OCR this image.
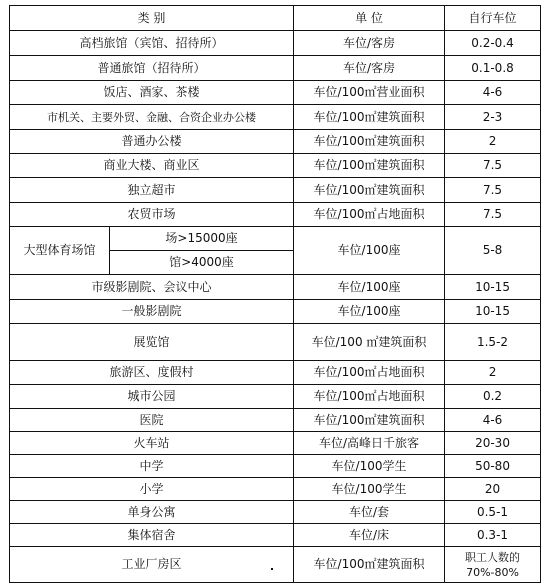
类 别		单 位	自行车位
高档旅馆（宾馆、招待所）		车位/客房	0.2-0.4
普通旅馆（招待所）		车位/客房	0.1-0.8
饭店、酒家、茶楼		车位/100㎡营业面积	4-6
市机关、主要外贸、金融、合资企业办公楼		车位/100㎡建筑面积	2-3
普通办公楼		车位/100㎡建筑面积	2
商业大楼、商业区		车位/100㎡建筑面积	7.5
独立超市		车位/100㎡建筑面积	7.5
农贸市场		车位/100㎡占地面积	7.5
大型体育场馆	场>15000座	车位/100座	5-8
	馆>4000座		
市级影剧院、会议中心		车位/100座	10-15
一般影剧院		车位/100座	10-15
展览馆		车位/100 ㎡建筑面积	1.5-2
旅游区、度假村		车位/100㎡占地面积	2
城市公园		车位/100㎡占地面积	0.2
医院		车位/100㎡建筑面积	4-6
火车站		车位/高峰日千旅客	20-30
中学		车位/100学生	50-80
小学		车位/100学生	20
单身公寓		车位/套	0.5-1
集体宿舍		车位/床	0.3-1
工业厂房区		车位/100㎡建筑面积	职工人数的70%-80%
